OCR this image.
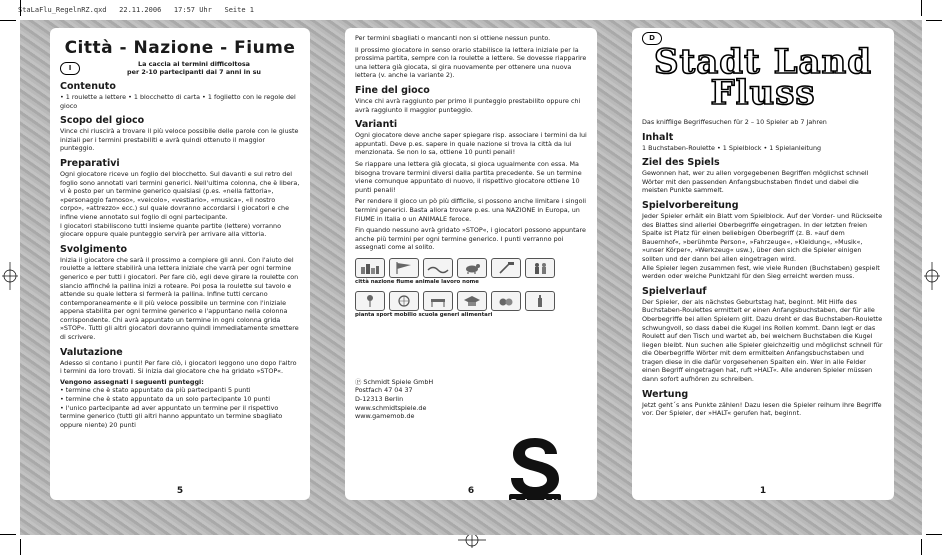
StaLaFlu_RegelnRZ.qxd   22.11.2006   17:57 Uhr   Seite 1
Città - Nazione - Fiume
I	La caccia ai termini difficoltosa
per 2-10 partecipanti dai 7 anni in su
Contenuto

• 1 roulette a lettere • 1 blocchetto di carta • 1 foglietto con le regole del gioco

Scopo del gioco

Vince chi riuscirà a trovare il più veloce possibile delle parole con le giuste iniziali per i termini prestabiliti e avrà quindi ottenuto il maggior punteggio.

Preparativi

Ogni giocatore riceve un foglio del blocchetto. Sul davanti e sul retro del foglio sono annotati vari termini generici. Nell'ultima colonna, che è libera, vi è posto per un termine generico qualsiasi (p.es. «nella fattoria», «personaggio famoso», «veicolo», «vestiario», «musica», «il nostro corpo», «attrezzo» ecc.) sul quale dovranno accordarsi i giocatori e che infine viene annotato sul foglio di ogni partecipante.

I giocatori stabiliscono tutti insieme quante partite (lettere) vorranno giocare oppure quale punteggio servirà per arrivare alla vittoria.

Svolgimento

Inizia il giocatore che sarà il prossimo a compiere gli anni. Con l'aiuto del roulette a lettere stabilirà una lettera iniziale che varrà per ogni termine generico e per tutti i giocatori. Per fare ciò, egli deve girare la roulette con slancio affinché la pallina inizi a roteare. Poi posa la roulette sul tavolo e attende su quale lettera si fermerà la pallina. Infine tutti cercano contemporaneamente e il più veloce possibile un termine con l'iniziale appena stabilita per ogni termine generico e l'appuntano nella colonna corrispondente. Chi avrà appuntato un termine in ogni colonna grida »STOP«. Tutti gli altri giocatori dovranno quindi immediatamente smettere di scrivere.

Valutazione

Adesso si contano i punti! Per fare ciò, i giocatori leggono uno dopo l'altro i termini da loro trovati. Si inizia dal giocatore che ha gridato »STOP«.

Vengono assegnati i seguenti punteggi:

• termine che è stato appuntato da più partecipanti 5 punti

• termine che è stato appuntato da un solo partecipante 10 punti

• l'unico partecipante ad aver appuntato un termine per il rispettivo termine generico (tutti gli altri hanno appuntato un termine sbagliato oppure niente) 20 punti

5

Per termini sbagliati o mancanti non si ottiene nessun punto.

Il prossimo giocatore in senso orario stabilisce la lettera iniziale per la prossima partita, sempre con la roulette a lettere. Se dovesse riapparire una lettera già giocata, si gira nuovamente per ottenere una nuova lettera (v. anche la variante 2).

Fine del gioco

Vince chi avrà raggiunto per primo il punteggio prestabilito oppure chi avrà raggiunto il maggior punteggio.

Varianti

Ogni giocatore deve anche saper spiegare risp. associare i termini da lui appuntati. Deve p.es. sapere in quale nazione si trova la città da lui menzionata. Se non lo sa, ottiene 10 punti penali!

Se riappare una lettera già giocata, si gioca ugualmente con essa. Ma bisogna trovare termini diversi dalla partita precedente. Se un termine viene comunque appuntato di nuovo, il rispettivo giocatore ottiene 10 punti penali!

Per rendere il gioco un pò più difficile, si possono anche limitare i singoli termini generici. Basta allora trovare p.es. una NAZIONE in Europa, un FIUME in Italia o un ANIMALE feroce.

Fin quando nessuno avrà gridato »STOP«, i giocatori possono appuntare anche più termini per ogni termine generico. I punti verranno poi assegnati come al solito.

città nazione fiume animale lavoro nome
pianta sport mobilio scuola generi alimentari
Ⓟ Schmidt Spiele GmbH
Postfach 47 04 37
D-12313 Berlin
www.schmidtspiele.de
www.gamemob.de
6
D
Stadt Land
Fluss

Das knifflige Begriffesuchen für 2 – 10 Spieler ab 7 Jahren

Inhalt

1 Buchstaben-Roulette • 1 Spielblock • 1 Spielanleitung

Ziel des Spiels

Gewonnen hat, wer zu allen vorgegebenen Begriffen möglichst schnell Wörter mit den passenden Anfangsbuchstaben findet und dabei die meisten Punkte sammelt.

Spielvorbereitung

Jeder Spieler erhält ein Blatt vom Spielblock. Auf der Vorder- und Rückseite des Blattes sind allerlei Oberbegriffe eingetragen. In der letzten freien Spalte ist Platz für einen beliebigen Oberbegriff (z. B. »auf dem Bauernhof«, »berühmte Person«, »Fahrzeuge«, »Kleidung«, »Musik«, »unser Körper«, »Werkzeug« usw.), über den sich die Spieler einigen sollten und der dann bei allen eingetragen wird.

Alle Spieler legen zusammen fest, wie viele Runden (Buchstaben) gespielt werden oder welche Punktzahl für den Sieg erreicht werden muss.

Spielverlauf

Der Spieler, der als nächstes Geburtstag hat, beginnt. Mit Hilfe des Buchstaben-Roulettes ermittelt er einen Anfangsbuchstaben, der für alle Oberbegriffe bei allen Spielern gilt. Dazu dreht er das Buchstaben-Roulette schwungvoll, so dass dabei die Kugel ins Rollen kommt. Dann legt er das Roulett auf den Tisch und wartet ab, bei welchem Buchstaben die Kugel liegen bleibt. Nun suchen alle Spieler gleichzeitig und möglichst schnell für die Oberbegriffe Wörter mit dem ermittelten Anfangsbuchstaben und tragen diese in die dafür vorgesehenen Spalten ein. Wer in alle Felder einen Begriff eingetragen hat, ruft »HALT«. Alle anderen Spieler müssen dann sofort aufhören zu schreiben.

Wertung

Jetzt geht´s ans Punkte zählen! Dazu lesen die Spieler reihum ihre Begriffe vor. Der Spieler, der »HALT« gerufen hat, beginnt.

1
